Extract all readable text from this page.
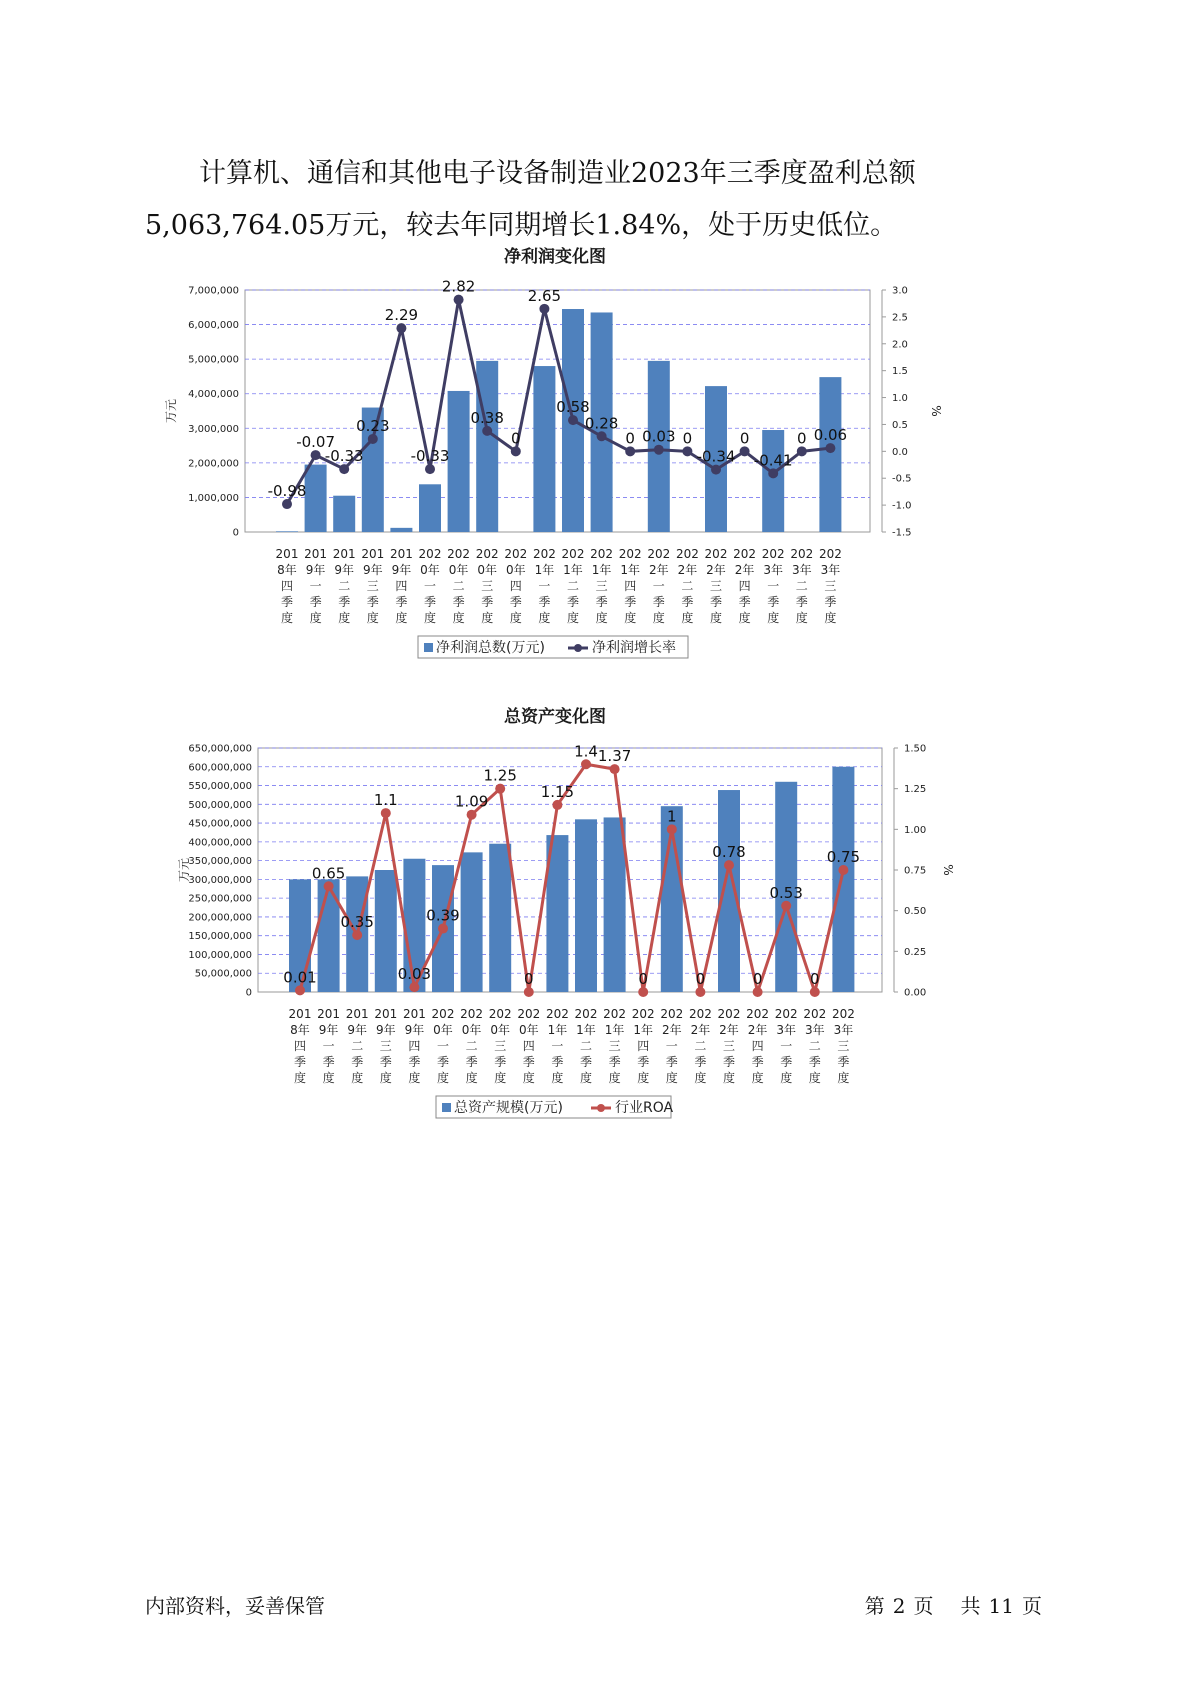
计算机、通信和其他电子设备制造业2023年三季度盈利总额5,063,764.05万元，较去年同期增长1.84%，处于历史低位。

净利润变化图
0
1,000,000
2,000,000
3,000,000
4,000,000
5,000,000
6,000,000
7,000,000
-1.5
-1.0
-0.5
0.0
0.5
1.0
1.5
2.0
2.5
3.0
万元	%
-0.98
-0.07
-0.33
0.23
2.29
-0.33
2.82
0.38
0
2.65
0.58
0.28
0 0.03 0
-0.34
0
-0.41
0 0.06
201 8年四季度
201 9年一季度
201 9年二季度
201 9年三季度
201 9年四季度
202 0年一季度
202 0年二季度
202 0年三季度
202 0年四季度
202 1年一季度
202 1年二季度
202 1年三季度
202 1年四季度
202 2年一季度
202 2年二季度
202 2年三季度
202 2年四季度
202 3年一季度
202 3年二季度
202 3年三季度
净利润总数(万元)	净利润增长率
总资产变化图
0
50,000,000
100,000,000
150,000,000
200,000,000
250,000,000
300,000,000
350,000,000
400,000,000
450,000,000
500,000,000
550,000,000
600,000,000
650,000,000
0.00
0.25
0.50
0.75
1.00
1.25
1.50
万元	%
0.01
0.65
0.35
1.1
0.03
0.39
1.09
1.25
0
1.15
1.4 1.37
0
1
0
0.78
0
0.53
0
0.75
201 8年四季度
201 9年一季度
201 9年二季度
201 9年三季度
201 9年四季度
202 0年一季度
202 0年二季度
202 0年三季度
202 0年四季度
202 1年一季度
202 1年二季度
202 1年三季度
202 1年四季度
202 2年一季度
202 2年二季度
202 2年三季度
202 2年四季度
202 3年一季度
202 3年二季度
202 3年三季度
总资产规模(万元)	行业ROA
内部资料，妥善保管	第 2 页 共 11 页
